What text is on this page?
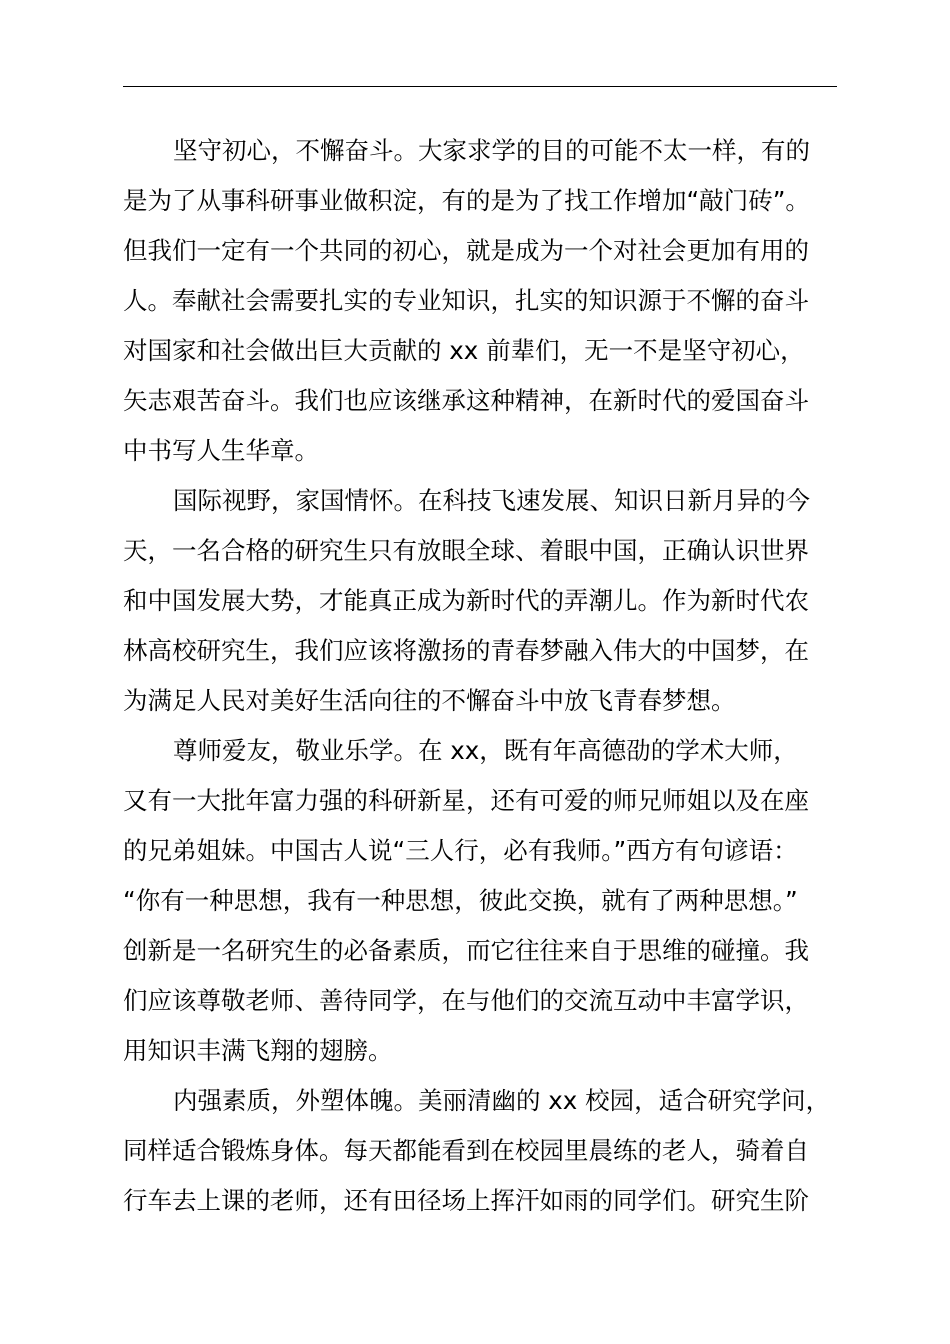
坚守初心，不懈奋斗。大家求学的目的可能不太一样，有的
是为了从事科研事业做积淀，有的是为了找工作增加“敲门砖”。
但我们一定有一个共同的初心，就是成为一个对社会更加有用的
人。奉献社会需要扎实的专业知识，扎实的知识源于不懈的奋斗
对国家和社会做出巨大贡献的 xx 前辈们，无一不是坚守初心，
矢志艰苦奋斗。我们也应该继承这种精神，在新时代的爱国奋斗
中书写人生华章。
国际视野，家国情怀。在科技飞速发展、知识日新月异的今
天，一名合格的研究生只有放眼全球、着眼中国，正确认识世界
和中国发展大势，才能真正成为新时代的弄潮儿。作为新时代农
林高校研究生，我们应该将激扬的青春梦融入伟大的中国梦，在
为满足人民对美好生活向往的不懈奋斗中放飞青春梦想。
尊师爱友，敬业乐学。在 xx，既有年高德劭的学术大师，
又有一大批年富力强的科研新星，还有可爱的师兄师姐以及在座
的兄弟姐妹。中国古人说“三人行，必有我师。”西方有句谚语：
“你有一种思想，我有一种思想，彼此交换，就有了两种思想。”
创新是一名研究生的必备素质，而它往往来自于思维的碰撞。我
们应该尊敬老师、善待同学，在与他们的交流互动中丰富学识，
用知识丰满飞翔的翅膀。
内强素质，外塑体魄。美丽清幽的 xx 校园，适合研究学问，
同样适合锻炼身体。每天都能看到在校园里晨练的老人，骑着自
行车去上课的老师，还有田径场上挥汗如雨的同学们。研究生阶
